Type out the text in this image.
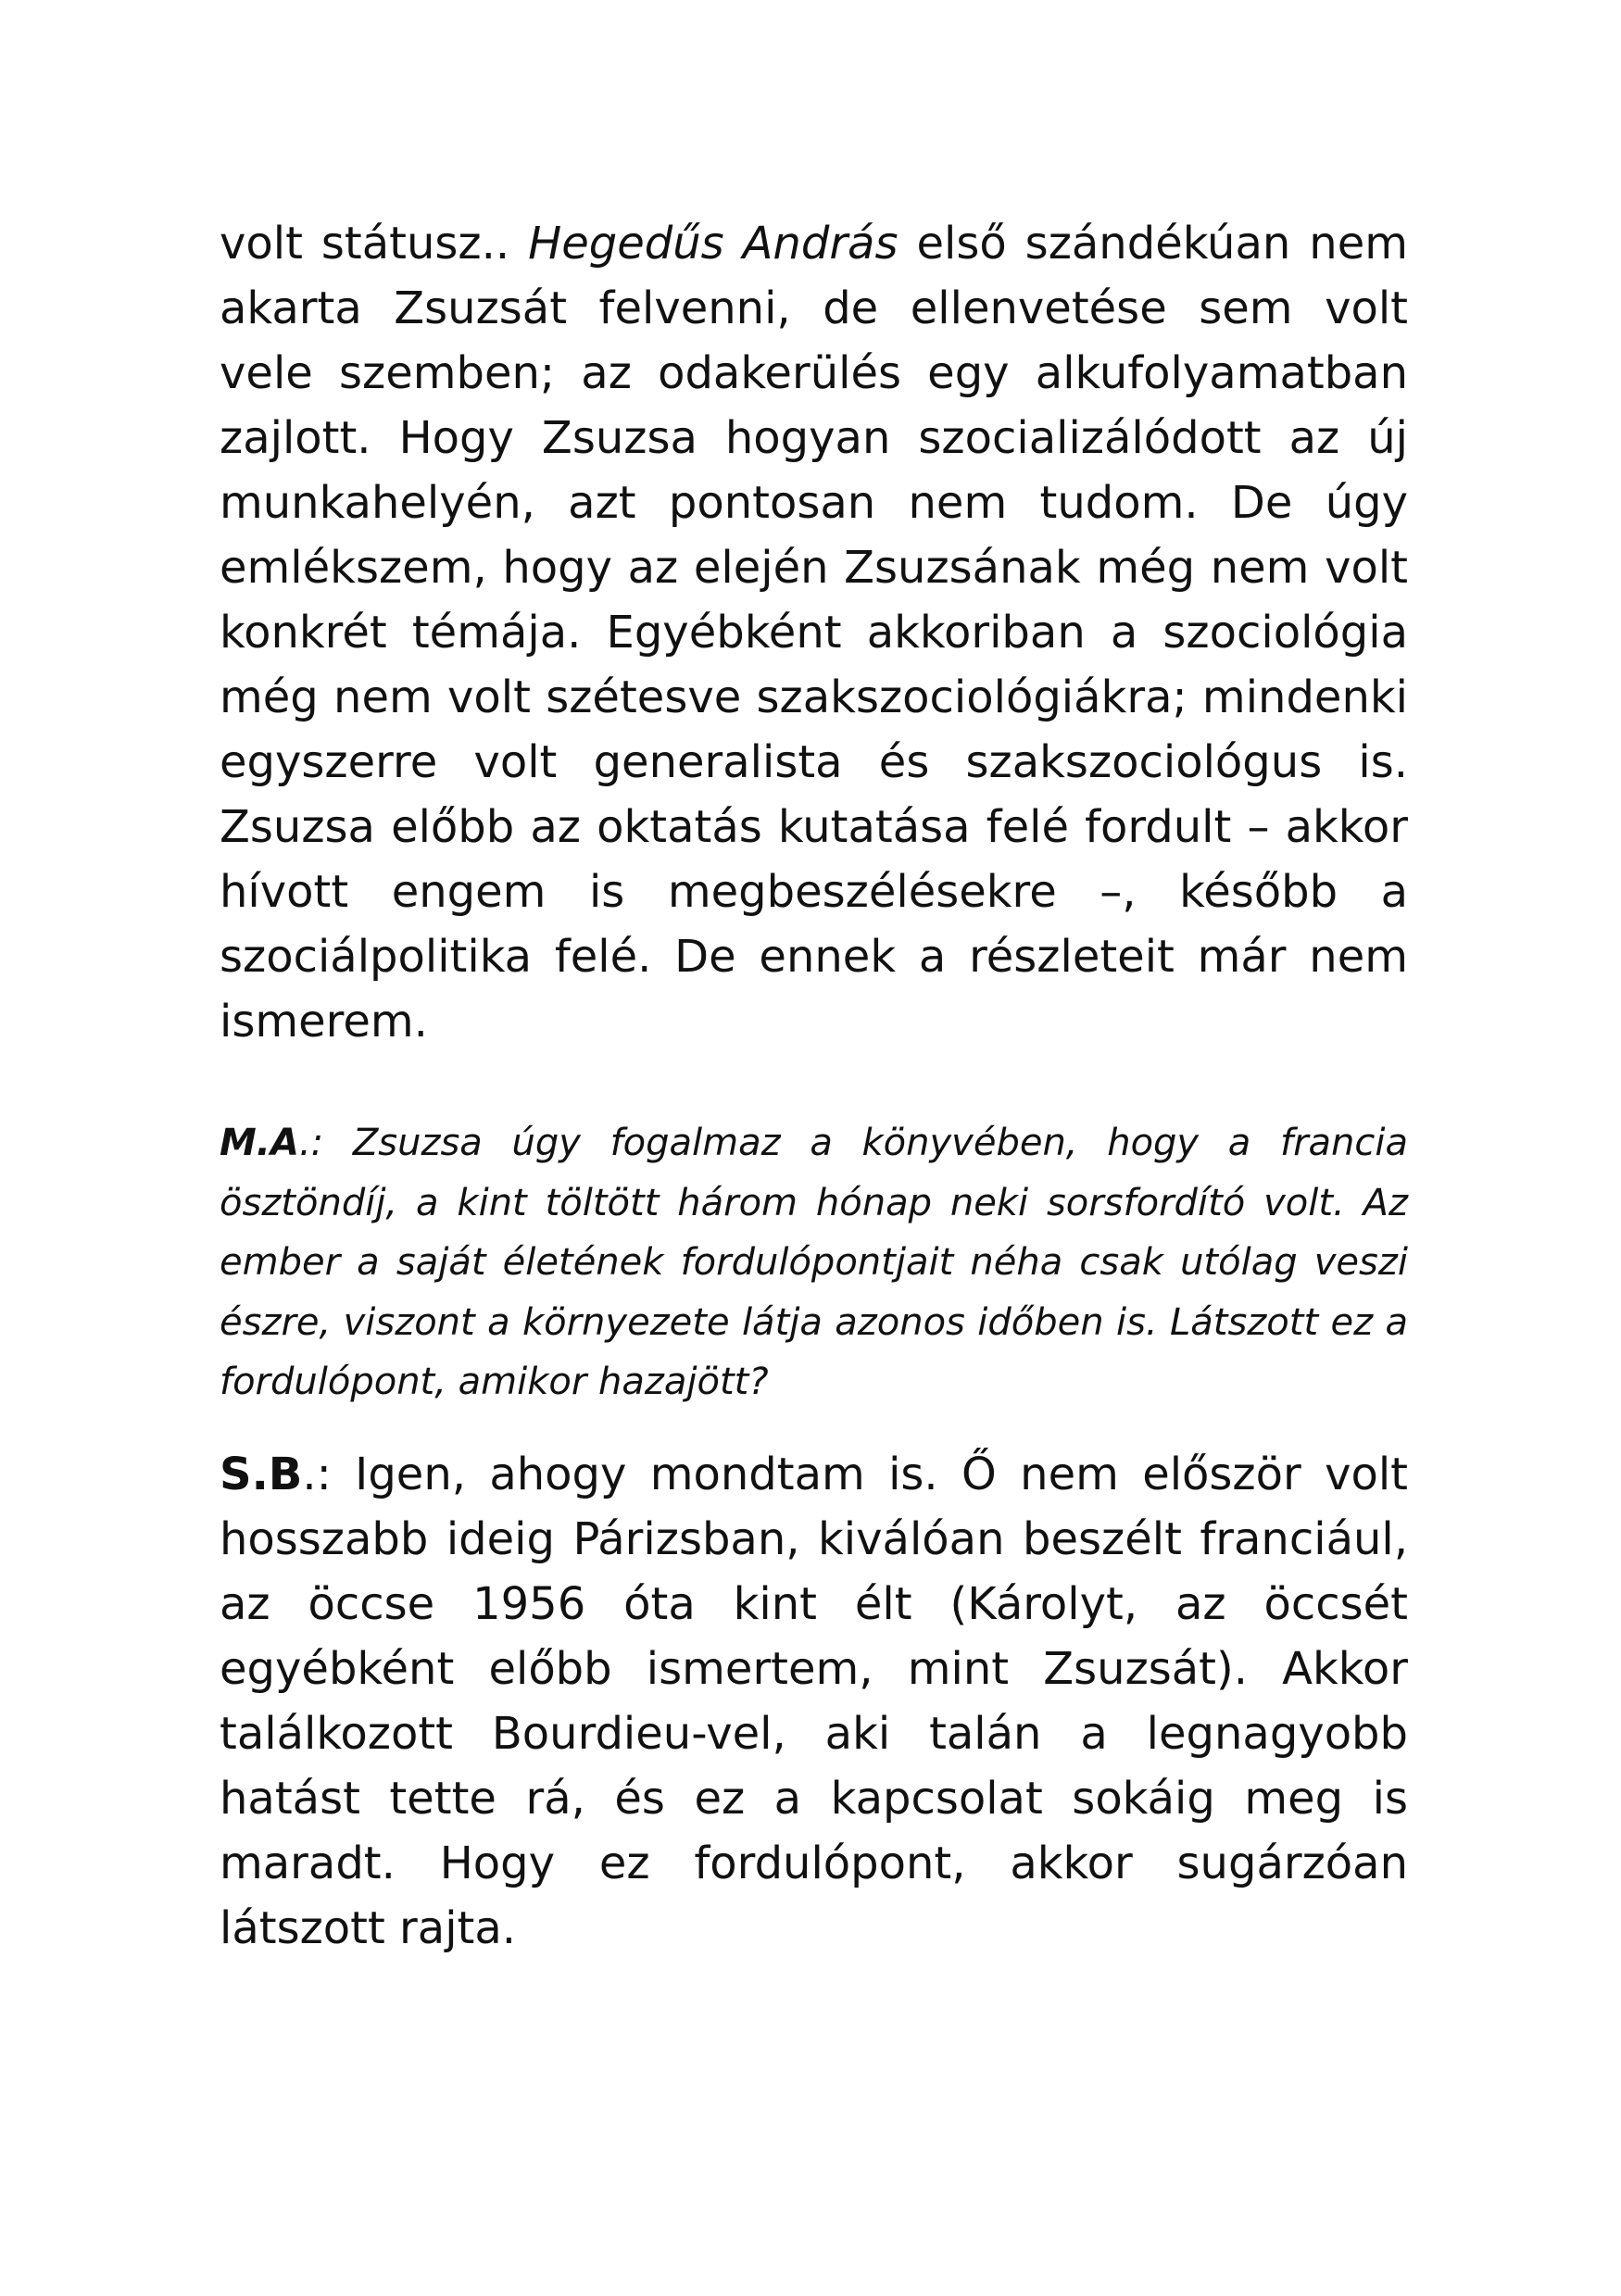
volt státusz.. Hegedűs András első szándékúan nem akarta Zsuzsát felvenni, de ellenvetése sem volt vele szemben; az odakerülés egy alkufolyamatban zajlott. Hogy Zsuzsa hogyan szocializálódott az új munkahelyén, azt pontosan nem tudom. De úgy emlékszem, hogy az elején Zsuzsának még nem volt konkrét témája. Egyébként akkoriban a szociológia még nem volt szétesve szakszociológiákra; mindenki egyszerre volt generalista és szakszociológus is. Zsuzsa előbb az oktatás kutatása felé fordult – akkor hívott engem is megbeszélésekre –, később a szociálpolitika felé. De ennek a részleteit már nem ismerem.

M.A.: Zsuzsa úgy fogalmaz a könyvében, hogy a francia ösztöndíj, a kint töltött három hónap neki sorsfordító volt. Az ember a saját életének fordulópontjait néha csak utólag veszi észre, viszont a környezete látja azonos időben is. Látszott ez a fordulópont, amikor hazajött?

S.B.: Igen, ahogy mondtam is. Ő nem először volt hosszabb ideig Párizsban, kiválóan beszélt franciául, az öccse 1956 óta kint élt (Károlyt, az öccsét egyébként előbb ismertem, mint Zsuzsát). Akkor találkozott Bourdieu-vel, aki talán a legnagyobb hatást tette rá, és ez a kapcsolat sokáig meg is maradt. Hogy ez fordulópont, akkor sugárzóan látszott rajta.
